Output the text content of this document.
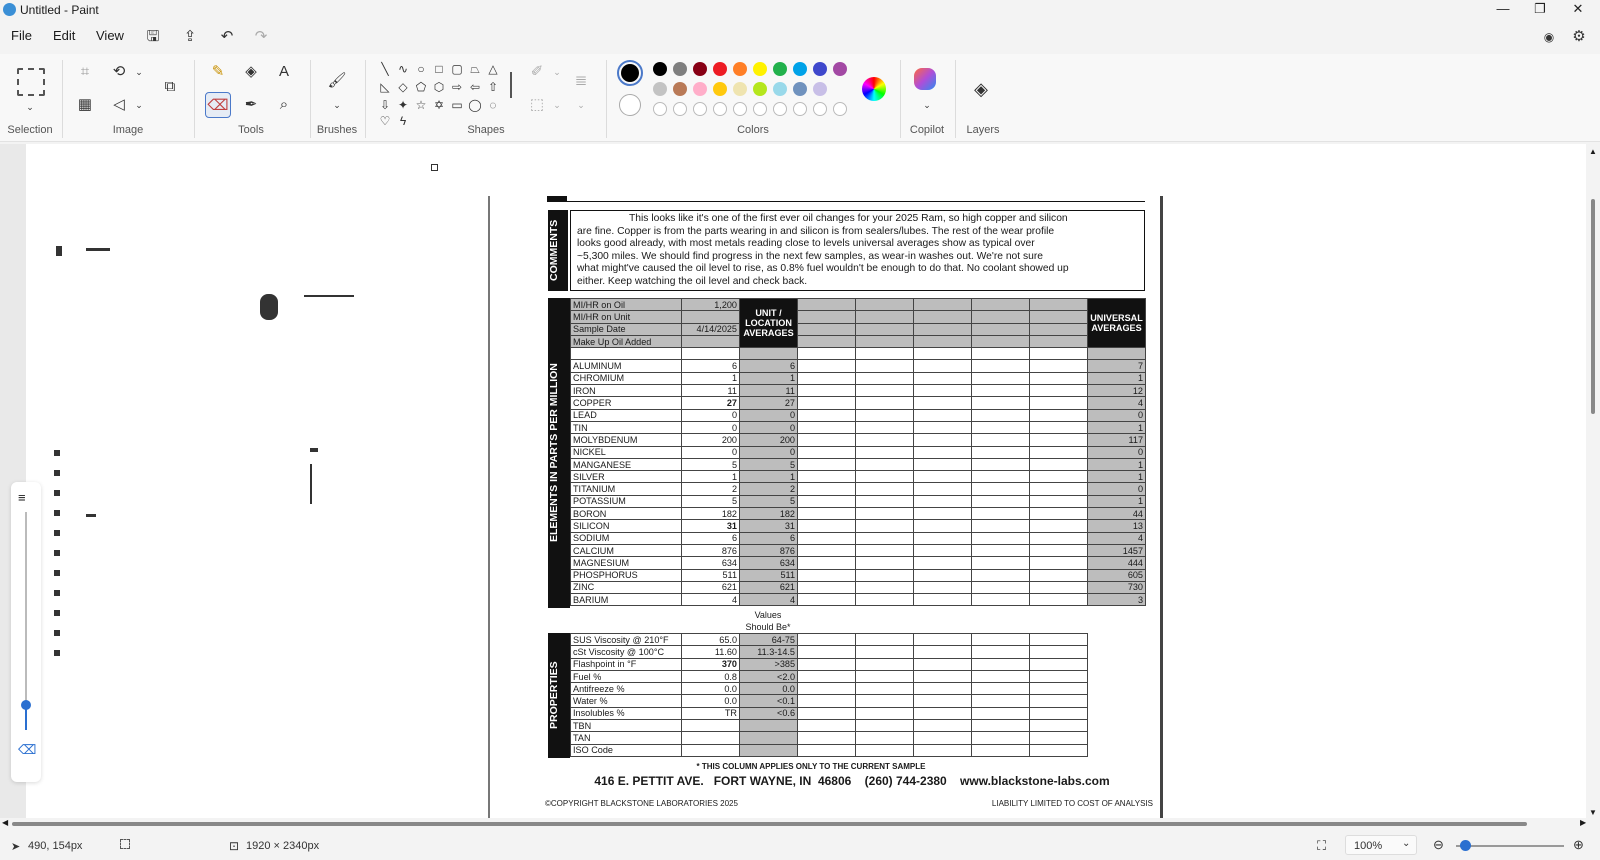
Untitled - Paint	—	❐	✕
File Edit View	🖫	⇪	↶	↷	◉	⚙
⌄
Selection
⌗	⟲	⌄
▦	◁	⌄
⧉
Image
✎	◈	A
⌫	✒	⌕
Tools
🖌
⌄
Brushes
╲ ∿ ○ □ ▢ ⏢ △
◺ ◇ ⬠ ⬡ ⇨ ⇦ ⇧
⇩ ✦ ☆ ✡ ▭ ◯ ◌
♡ ϟ
✐	⌄
⬚	⌄
≣
⌄
Shapes	Colors
⌄
Copilot
◈
Layers
COMMENTS
This looks like it's one of the first ever oil changes for your 2025 Ram, so high copper and silicon
are fine. Copper is from the parts wearing in and silicon is from sealers/lubes. The rest of the wear profile
looks good already, with most metals reading close to levels universal averages show as typical over
~5,300 miles. We should find progress in the next few samples, as wear-in washes out. We're not sure
what might've caused the oil level to rise, as 0.8% fuel wouldn't be enough to do that. No coolant showed up
either. Keep watching the oil level and check back.
ELEMENTS IN PARTS PER MILLION
MI/HR on Oil	1,200	UNIT / LOCATION AVERAGES						UNIVERSAL AVERAGES
MI/HR on Unit								
Sample Date	4/14/2025							
Make Up Oil Added								

ALUMINUM	6	6						7
CHROMIUM	1	1						1
IRON	11	11						12
COPPER	27	27						4
LEAD	0	0						0
TIN	0	0						1
MOLYBDENUM	200	200						117
NICKEL	0	0						0
MANGANESE	5	5						1
SILVER	1	1						1
TITANIUM	2	2						0
POTASSIUM	5	5						1
BORON	182	182						44
SILICON	31	31						13
SODIUM	6	6						4
CALCIUM	876	876						1457
MAGNESIUM	634	634						444
PHOSPHORUS	511	511						605
ZINC	621	621						730
BARIUM	4	4						3
Values
Should Be*
PROPERTIES
SUS Viscosity @ 210°F	65.0	64-75					
cSt Viscosity @ 100°C	11.60	11.3-14.5					
Flashpoint in °F	370	>385					
Fuel %	0.8	<2.0					
Antifreeze %	0.0	0.0					
Water %	0.0	<0.1					
Insolubles %	TR	<0.6					
TBN							
TAN							
ISO Code							
* THIS COLUMN APPLIES ONLY TO THE CURRENT SAMPLE
416 E. PETTIT AVE.   FORT WAYNE, IN  46806    (260) 744-2380    www.blackstone-labs.com
©COPYRIGHT BLACKSTONE LABORATORIES 2025	LIABILITY LIMITED TO COST OF ANALYSIS
≡
⌫
▲
▼
◀	▶
➤ 490, 154px	⊡ 1920 × 2340px	⛶	100% ⌄ ⊖	⊕
